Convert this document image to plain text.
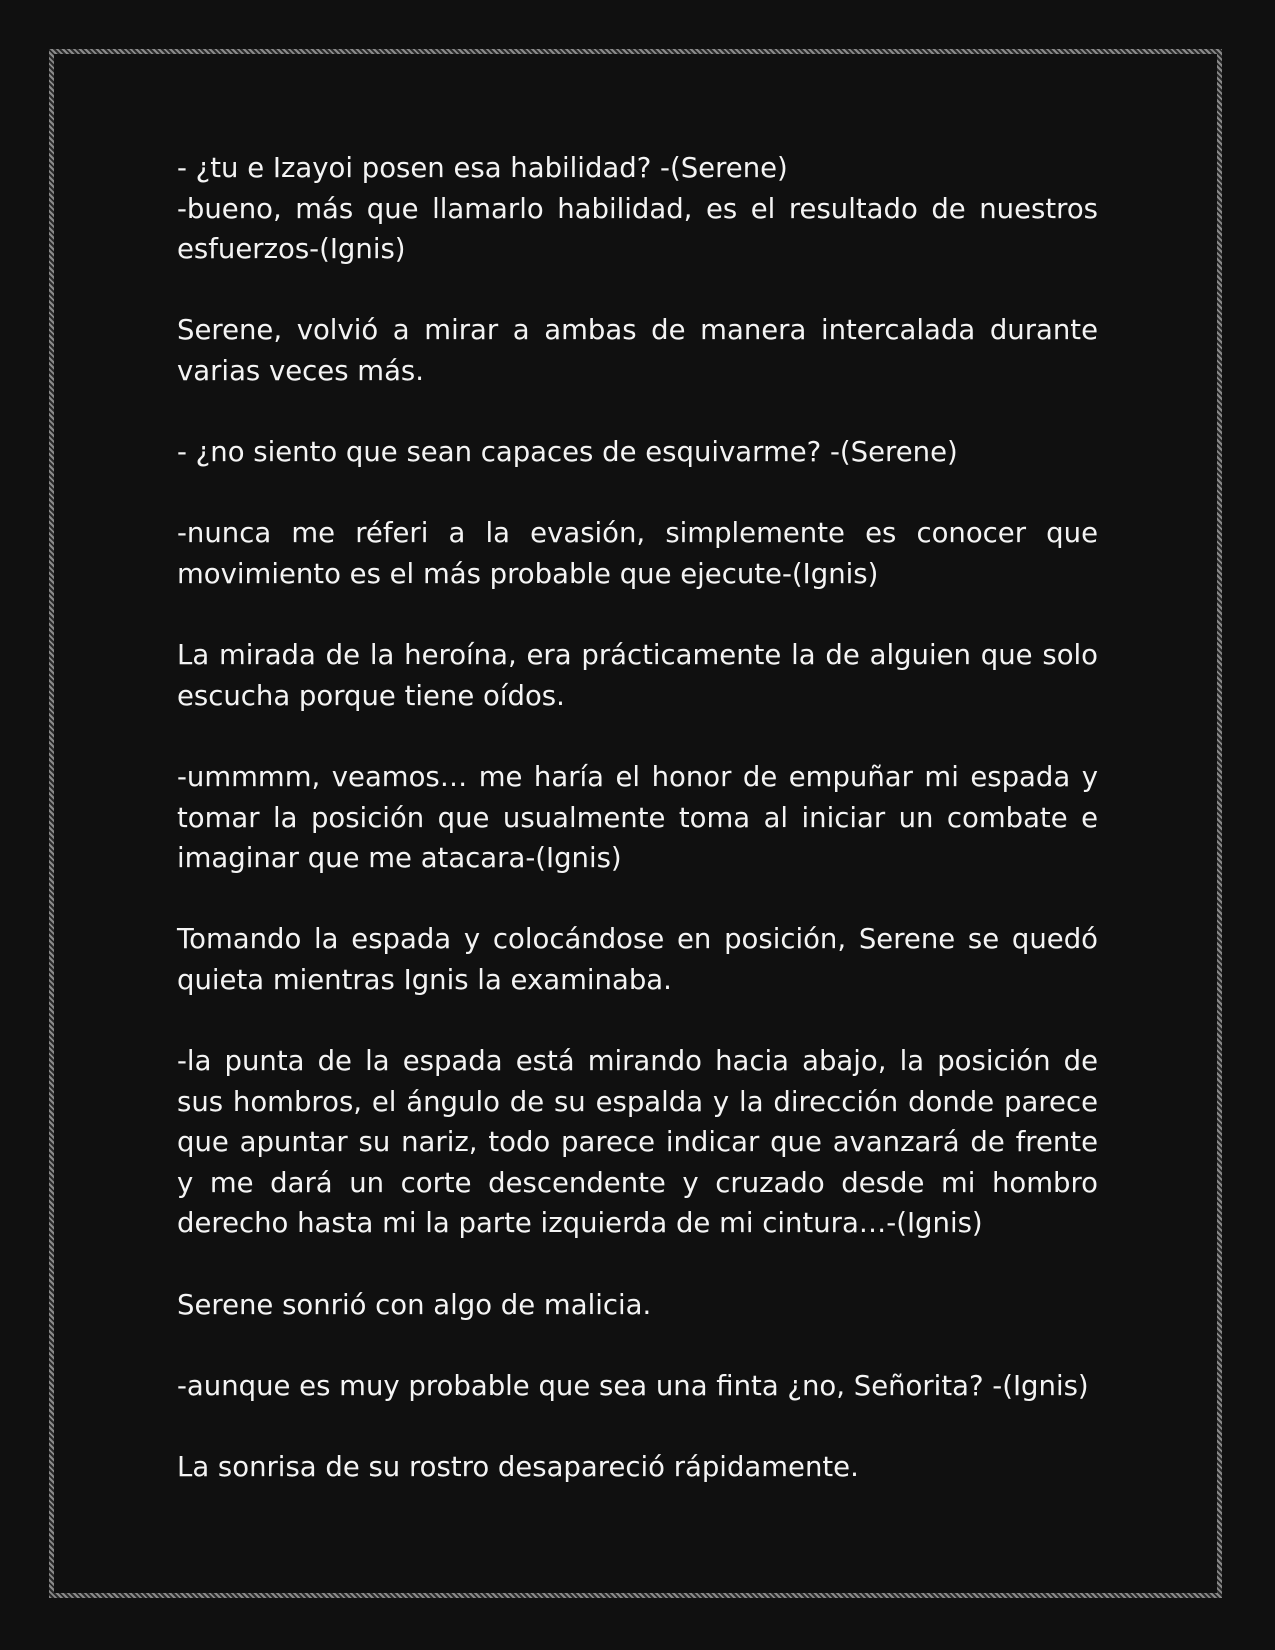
- ¿tu e Izayoi posen esa habilidad? -(Serene)

-bueno, más que llamarlo habilidad, es el resultado de nuestros esfuerzos-(Ignis)

Serene, volvió a mirar a ambas de manera intercalada durante varias veces más.

- ¿no siento que sean capaces de esquivarme? -(Serene)

-nunca me réferi a la evasión, simplemente es conocer que movimiento es el más probable que ejecute-(Ignis)

La mirada de la heroína, era prácticamente la de alguien que solo escucha porque tiene oídos.

-ummmm, veamos… me haría el honor de empuñar mi espada y tomar la posición que usualmente toma al iniciar un combate e imaginar que me atacara-(Ignis)

Tomando la espada y colocándose en posición, Serene se quedó quieta mientras Ignis la examinaba.

-la punta de la espada está mirando hacia abajo, la posición de sus hombros, el ángulo de su espalda y la dirección donde parece que apuntar su nariz, todo parece indicar que avanzará de frente y me dará un corte descendente y cruzado desde mi hombro derecho hasta mi la parte izquierda de mi cintura…-(Ignis)

Serene sonrió con algo de malicia.

-aunque es muy probable que sea una finta ¿no, Señorita? -(Ignis)

La sonrisa de su rostro desapareció rápidamente.
